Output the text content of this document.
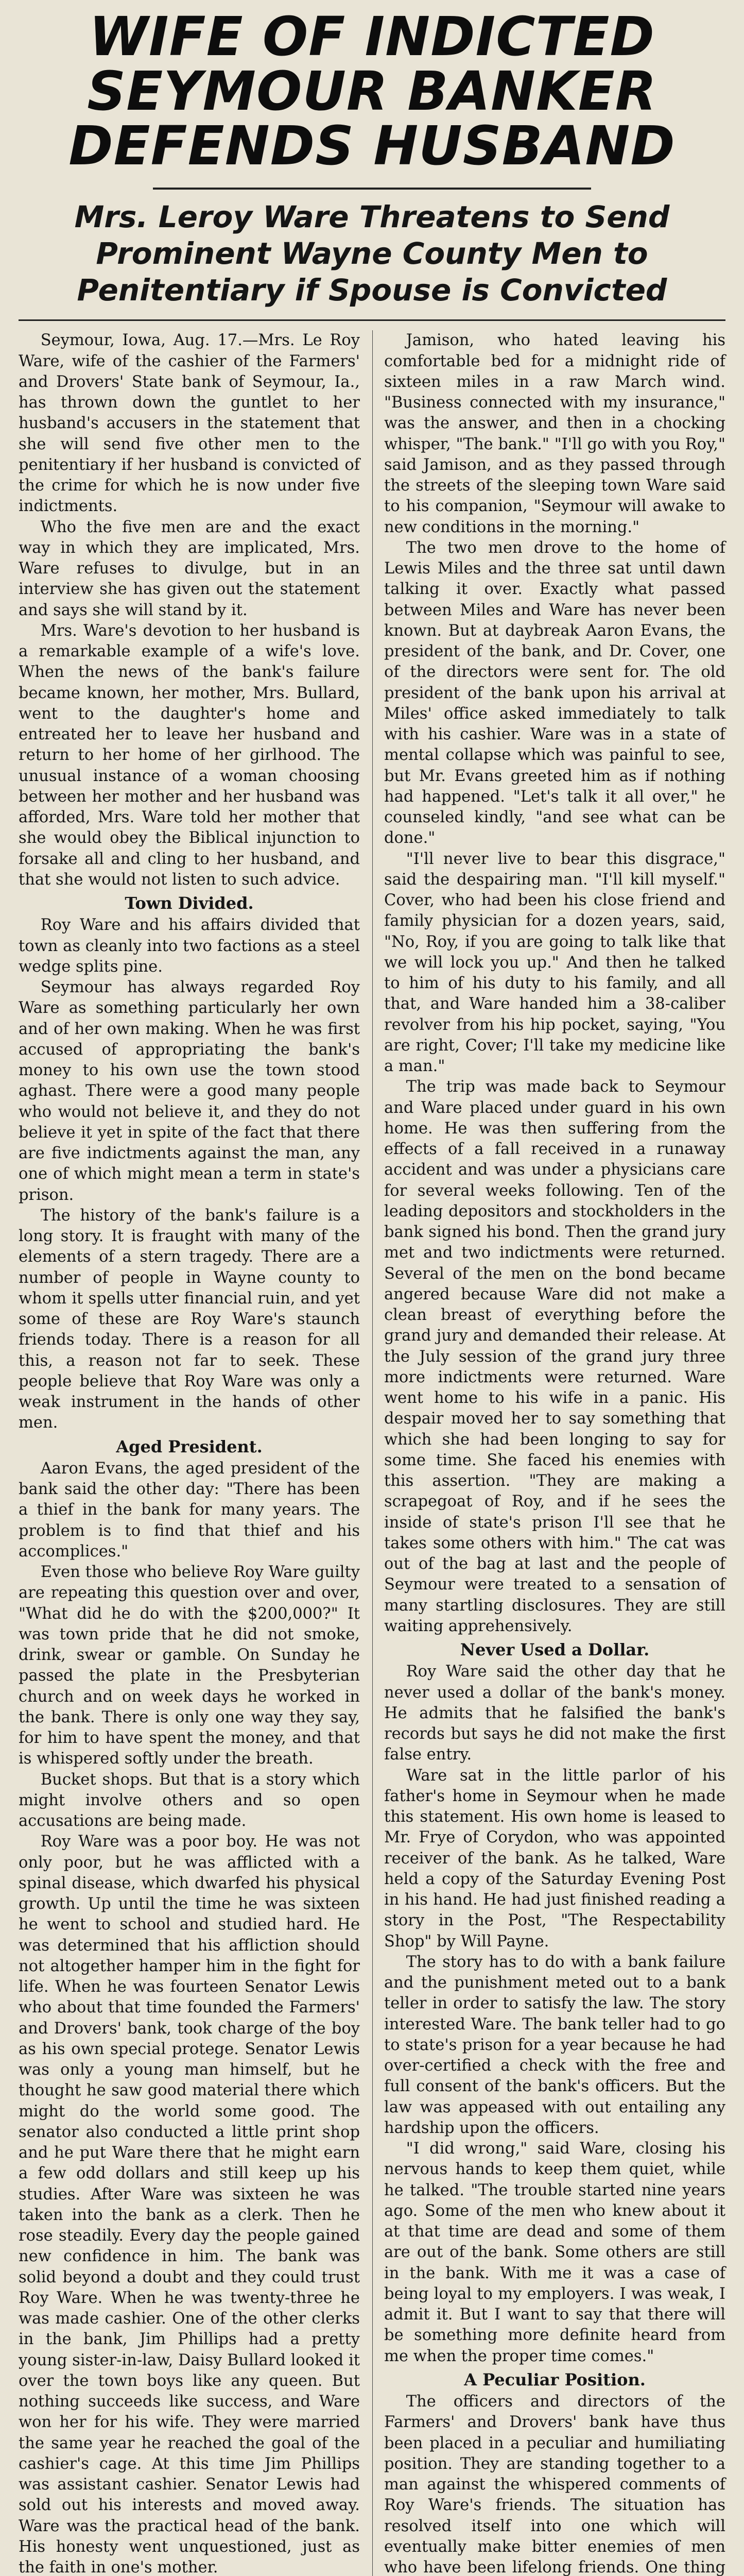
WIFE OF INDICTED
SEYMOUR BANKER
DEFENDS HUSBAND
Mrs. Leroy Ware Threatens to Send Prominent Wayne County Men to Penitentiary if Spouse is Convicted

Seymour, Iowa, Aug. 17.—Mrs. Le Roy Ware, wife of the cashier of the Farmers' and Drovers' State bank of Seymour, Ia., has thrown down the guntlet to her husband's accusers in the statement that she will send five other men to the penitentiary if her husband is convicted of the crime for which he is now under five indictments.

Who the five men are and the exact way in which they are implicated, Mrs. Ware refuses to divulge, but in an interview she has given out the statement and says she will stand by it.

Mrs. Ware's devotion to her husband is a remarkable example of a wife's love. When the news of the bank's failure became known, her mother, Mrs. Bullard, went to the daughter's home and entreated her to leave her husband and return to her home of her girlhood. The unusual instance of a woman choosing between her mother and her husband was afforded, Mrs. Ware told her mother that she would obey the Biblical injunction to forsake all and cling to her husband, and that she would not listen to such advice.

Town Divided.

Roy Ware and his affairs divided that town as cleanly into two factions as a steel wedge splits pine.

Seymour has always regarded Roy Ware as something particularly her own and of her own making. When he was first accused of appropriating the bank's money to his own use the town stood aghast. There were a good many people who would not believe it, and they do not believe it yet in spite of the fact that there are five indictments against the man, any one of which might mean a term in state's prison.

The history of the bank's failure is a long story. It is fraught with many of the elements of a stern tragedy. There are a number of people in Wayne county to whom it spells utter financial ruin, and yet some of these are Roy Ware's staunch friends today. There is a reason for all this, a reason not far to seek. These people believe that Roy Ware was only a weak instrument in the hands of other men.

Aged President.

Aaron Evans, the aged president of the bank said the other day: "There has been a thief in the bank for many years. The problem is to find that thief and his accomplices."

Even those who believe Roy Ware guilty are repeating this question over and over, "What did he do with the $200,000?" It was town pride that he did not smoke, drink, swear or gamble. On Sunday he passed the plate in the Presbyterian church and on week days he worked in the bank. There is only one way they say, for him to have spent the money, and that is whispered softly under the breath.

Bucket shops. But that is a story which might involve others and so open accusations are being made.

Roy Ware was a poor boy. He was not only poor, but he was afflicted with a spinal disease, which dwarfed his physical growth. Up until the time he was sixteen he went to school and studied hard. He was determined that his affliction should not altogether hamper him in the fight for life. When he was fourteen Senator Lewis who about that time founded the Farmers' and Drovers' bank, took charge of the boy as his own special protege. Senator Lewis was only a young man himself, but he thought he saw good material there which might do the world some good. The senator also conducted a little print shop and he put Ware there that he might earn a few odd dollars and still keep up his studies. After Ware was sixteen he was taken into the bank as a clerk. Then he rose steadily. Every day the people gained new confidence in him. The bank was solid beyond a doubt and they could trust Roy Ware. When he was twenty-three he was made cashier. One of the other clerks in the bank, Jim Phillips had a pretty young sister-in-law, Daisy Bullard looked it over the town boys like any queen. But nothing succeeds like success, and Ware won her for his wife. They were married the same year he reached the goal of the cashier's cage. At this time Jim Phillips was assistant cashier. Senator Lewis had sold out his interests and moved away. Ware was the practical head of the bank. His honesty went unquestioned, just as the faith in one's mother.

Jamison, who hated leaving his comfortable bed for a midnight ride of sixteen miles in a raw March wind. "Business connected with my insurance," was the answer, and then in a chocking whisper, "The bank." "I'll go with you Roy," said Jamison, and as they passed through the streets of the sleeping town Ware said to his companion, "Seymour will awake to new conditions in the morning."

The two men drove to the home of Lewis Miles and the three sat until dawn talking it over. Exactly what passed between Miles and Ware has never been known. But at daybreak Aaron Evans, the president of the bank, and Dr. Cover, one of the directors were sent for. The old president of the bank upon his arrival at Miles' office asked immediately to talk with his cashier. Ware was in a state of mental collapse which was painful to see, but Mr. Evans greeted him as if nothing had happened. "Let's talk it all over," he counseled kindly, "and see what can be done."

"I'll never live to bear this disgrace," said the despairing man. "I'll kill myself." Cover, who had been his close friend and family physician for a dozen years, said, "No, Roy, if you are going to talk like that we will lock you up." And then he talked to him of his duty to his family, and all that, and Ware handed him a 38-caliber revolver from his hip pocket, saying, "You are right, Cover; I'll take my medicine like a man."

The trip was made back to Seymour and Ware placed under guard in his own home. He was then suffering from the effects of a fall received in a runaway accident and was under a physicians care for several weeks following. Ten of the leading depositors and stockholders in the bank signed his bond. Then the grand jury met and two indictments were returned. Several of the men on the bond became angered because Ware did not make a clean breast of everything before the grand jury and demanded their release. At the July session of the grand jury three more indictments were returned. Ware went home to his wife in a panic. His despair moved her to say something that which she had been longing to say for some time. She faced his enemies with this assertion. "They are making a scrapegoat of Roy, and if he sees the inside of state's prison I'll see that he takes some others with him." The cat was out of the bag at last and the people of Seymour were treated to a sensation of many startling disclosures. They are still waiting apprehensively.

Never Used a Dollar.

Roy Ware said the other day that he never used a dollar of the bank's money. He admits that he falsified the bank's records but says he did not make the first false entry.

Ware sat in the little parlor of his father's home in Seymour when he made this statement. His own home is leased to Mr. Frye of Corydon, who was appointed receiver of the bank. As he talked, Ware held a copy of the Saturday Evening Post in his hand. He had just finished reading a story in the Post, "The Respectability Shop" by Will Payne.

The story has to do with a bank failure and the punishment meted out to a bank teller in order to satisfy the law. The story interested Ware. The bank teller had to go to state's prison for a year because he had over-certified a check with the free and full consent of the bank's officers. But the law was appeased with out entailing any hardship upon the officers.

"I did wrong," said Ware, closing his nervous hands to keep them quiet, while he talked. "The trouble started nine years ago. Some of the men who knew about it at that time are dead and some of them are out of the bank. Some others are still in the bank. With me it was a case of being loyal to my employers. I was weak, I admit it. But I want to say that there will be something more definite heard from me when the proper time comes."

A Peculiar Position.

The officers and directors of the Farmers' and Drovers' bank have thus been placed in a peculiar and humiliating position. They are standing together to a man against the whispered comments of Roy Ware's friends. The situation has resolved itself into one which will eventually make bitter enemies of men who have been lifelong friends. One thing
